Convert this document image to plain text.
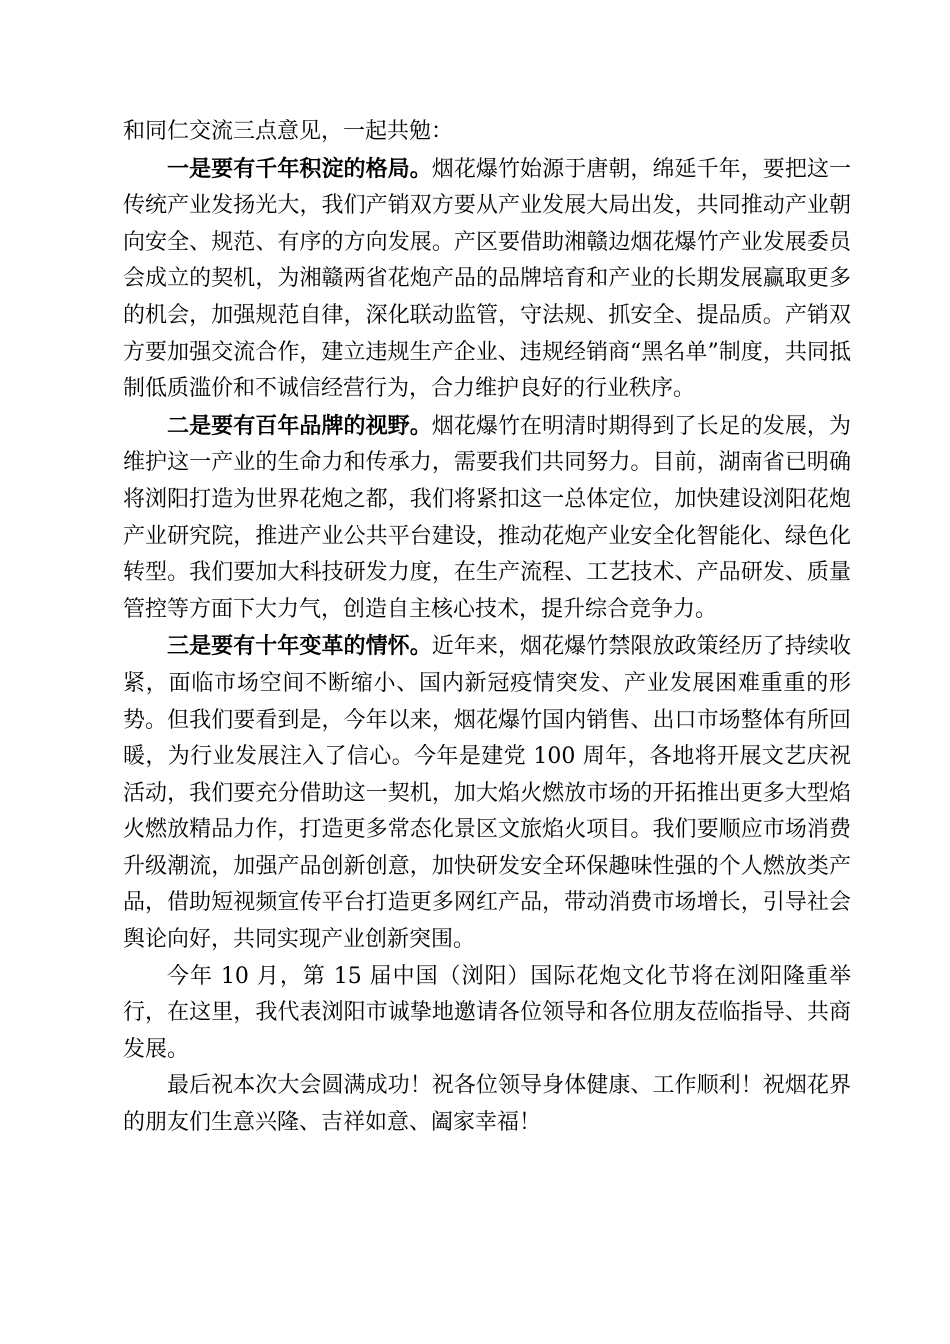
和同仁交流三点意见，一起共勉：

一是要有千年积淀的格局。烟花爆竹始源于唐朝，绵延千年，要把这一传统产业发扬光大，我们产销双方要从产业发展大局出发，共同推动产业朝向安全、规范、有序的方向发展。产区要借助湘赣边烟花爆竹产业发展委员会成立的契机，为湘赣两省花炮产品的品牌培育和产业的长期发展赢取更多的机会，加强规范自律，深化联动监管，守法规、抓安全、提品质。产销双方要加强交流合作，建立违规生产企业、违规经销商“黑名单”制度，共同抵制低质滥价和不诚信经营行为，合力维护良好的行业秩序。

二是要有百年品牌的视野。烟花爆竹在明清时期得到了长足的发展，为维护这一产业的生命力和传承力，需要我们共同努力。目前，湖南省已明确将浏阳打造为世界花炮之都，我们将紧扣这一总体定位，加快建设浏阳花炮产业研究院，推进产业公共平台建设，推动花炮产业安全化智能化、绿色化转型。我们要加大科技研发力度，在生产流程、工艺技术、产品研发、质量管控等方面下大力气，创造自主核心技术，提升综合竞争力。

三是要有十年变革的情怀。近年来，烟花爆竹禁限放政策经历了持续收紧，面临市场空间不断缩小、国内新冠疫情突发、产业发展困难重重的形势。但我们要看到是，今年以来，烟花爆竹国内销售、出口市场整体有所回暖，为行业发展注入了信心。今年是建党 100 周年，各地将开展文艺庆祝活动，我们要充分借助这一契机，加大焰火燃放市场的开拓推出更多大型焰火燃放精品力作，打造更多常态化景区文旅焰火项目。我们要顺应市场消费升级潮流，加强产品创新创意，加快研发安全环保趣味性强的个人燃放类产品，借助短视频宣传平台打造更多网红产品，带动消费市场增长，引导社会舆论向好，共同实现产业创新突围。

今年 10 月，第 15 届中国（浏阳）国际花炮文化节将在浏阳隆重举行，在这里，我代表浏阳市诚挚地邀请各位领导和各位朋友莅临指导、共商发展。

最后祝本次大会圆满成功！祝各位领导身体健康、工作顺利！祝烟花界的朋友们生意兴隆、吉祥如意、阖家幸福！
